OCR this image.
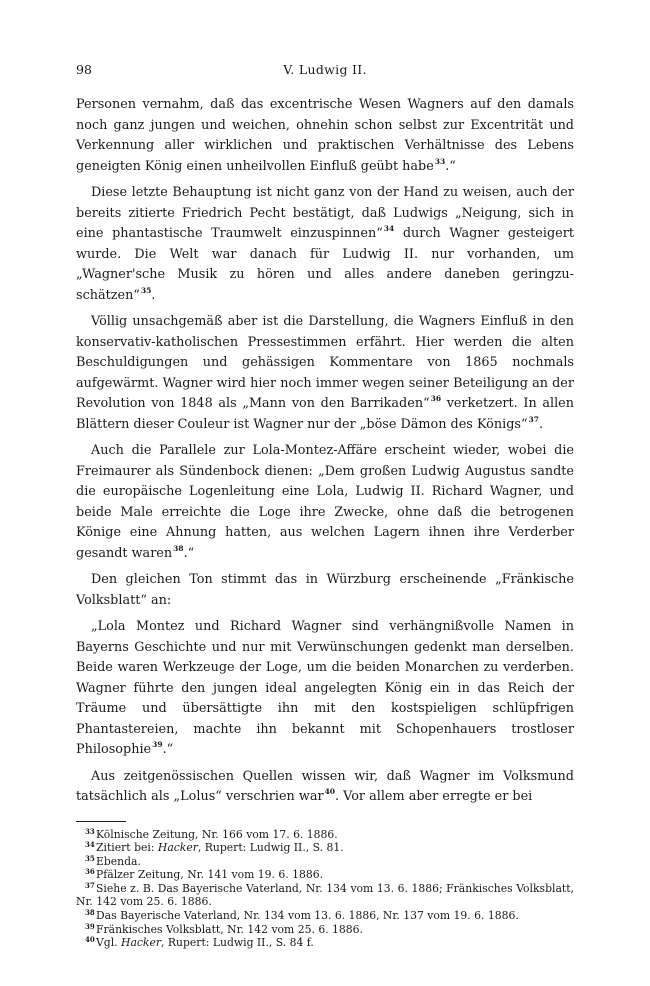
98	V. Ludwig II.

Personen vernahm, daß das excentrische Wesen Wagners auf den damals noch ganz jungen und weichen, ohnehin schon selbst zur Excentrität und Verkennung aller wirklichen und praktischen Verhältnisse des Lebens geneigten König einen unheilvollen Einfluß geübt habe$^{33}$.“

Diese letzte Behauptung ist nicht ganz von der Hand zu weisen, auch der bereits zitierte Friedrich Pecht bestätigt, daß Ludwigs „Neigung, sich in eine phantastische Traumwelt einzuspinnen“$^{34}$ durch Wagner gesteigert wurde. Die Welt war danach für Ludwig II. nur vorhanden, um „Wagner'sche Musik zu hören und alles andere daneben geringzuschätzen“$^{35}$.

Völlig unsachgemäß aber ist die Darstellung, die Wagners Einfluß in den konservativ-katholischen Pressestimmen erfährt. Hier werden die alten Beschuldigungen und gehässigen Kommentare von 1865 nochmals aufgewärmt. Wagner wird hier noch immer wegen seiner Beteiligung an der Revolution von 1848 als „Mann von den Barrikaden“$^{36}$ verketzert. In allen Blättern dieser Couleur ist Wagner nur der „böse Dämon des Königs“$^{37}$.

Auch die Parallele zur Lola-Montez-Affäre erscheint wieder, wobei die Freimaurer als Sündenbock dienen: „Dem großen Ludwig Augustus sandte die europäische Logenleitung eine Lola, Ludwig II. Richard Wagner, und beide Male erreichte die Loge ihre Zwecke, ohne daß die betrogenen Könige eine Ahnung hatten, aus welchen Lagern ihnen ihre Verderber gesandt waren$^{38}$.“

Den gleichen Ton stimmt das in Würzburg erscheinende „Fränkische Volksblatt“ an:

„Lola Montez und Richard Wagner sind verhängnißvolle Namen in Bayerns Geschichte und nur mit Verwünschungen gedenkt man derselben. Beide waren Werkzeuge der Loge, um die beiden Monarchen zu verderben. Wagner führte den jungen ideal angelegten König ein in das Reich der Träume und übersättigte ihn mit den kostspieligen schlüpfrigen Phantastereien, machte ihn bekannt mit Schopenhauers trostloser Philosophie$^{39}$.“

Aus zeitgenössischen Quellen wissen wir, daß Wagner im Volksmund tatsächlich als „Lolus“ verschrien war$^{40}$. Vor allem aber erregte er bei

33Kölnische Zeitung, Nr. 166 vom 17. 6. 1886.
34Zitiert bei: Hacker, Rupert: Ludwig II., S. 81.
35Ebenda.
36Pfälzer Zeitung, Nr. 141 vom 19. 6. 1886.
37Siehe z. B. Das Bayerische Vaterland, Nr. 134 vom 13. 6. 1886; Fränkisches Volksblatt, Nr. 142 vom 25. 6. 1886.
38Das Bayerische Vaterland, Nr. 134 vom 13. 6. 1886, Nr. 137 vom 19. 6. 1886.
39Fränkisches Volksblatt, Nr. 142 vom 25. 6. 1886.
40Vgl. Hacker, Rupert: Ludwig II., S. 84 f.
